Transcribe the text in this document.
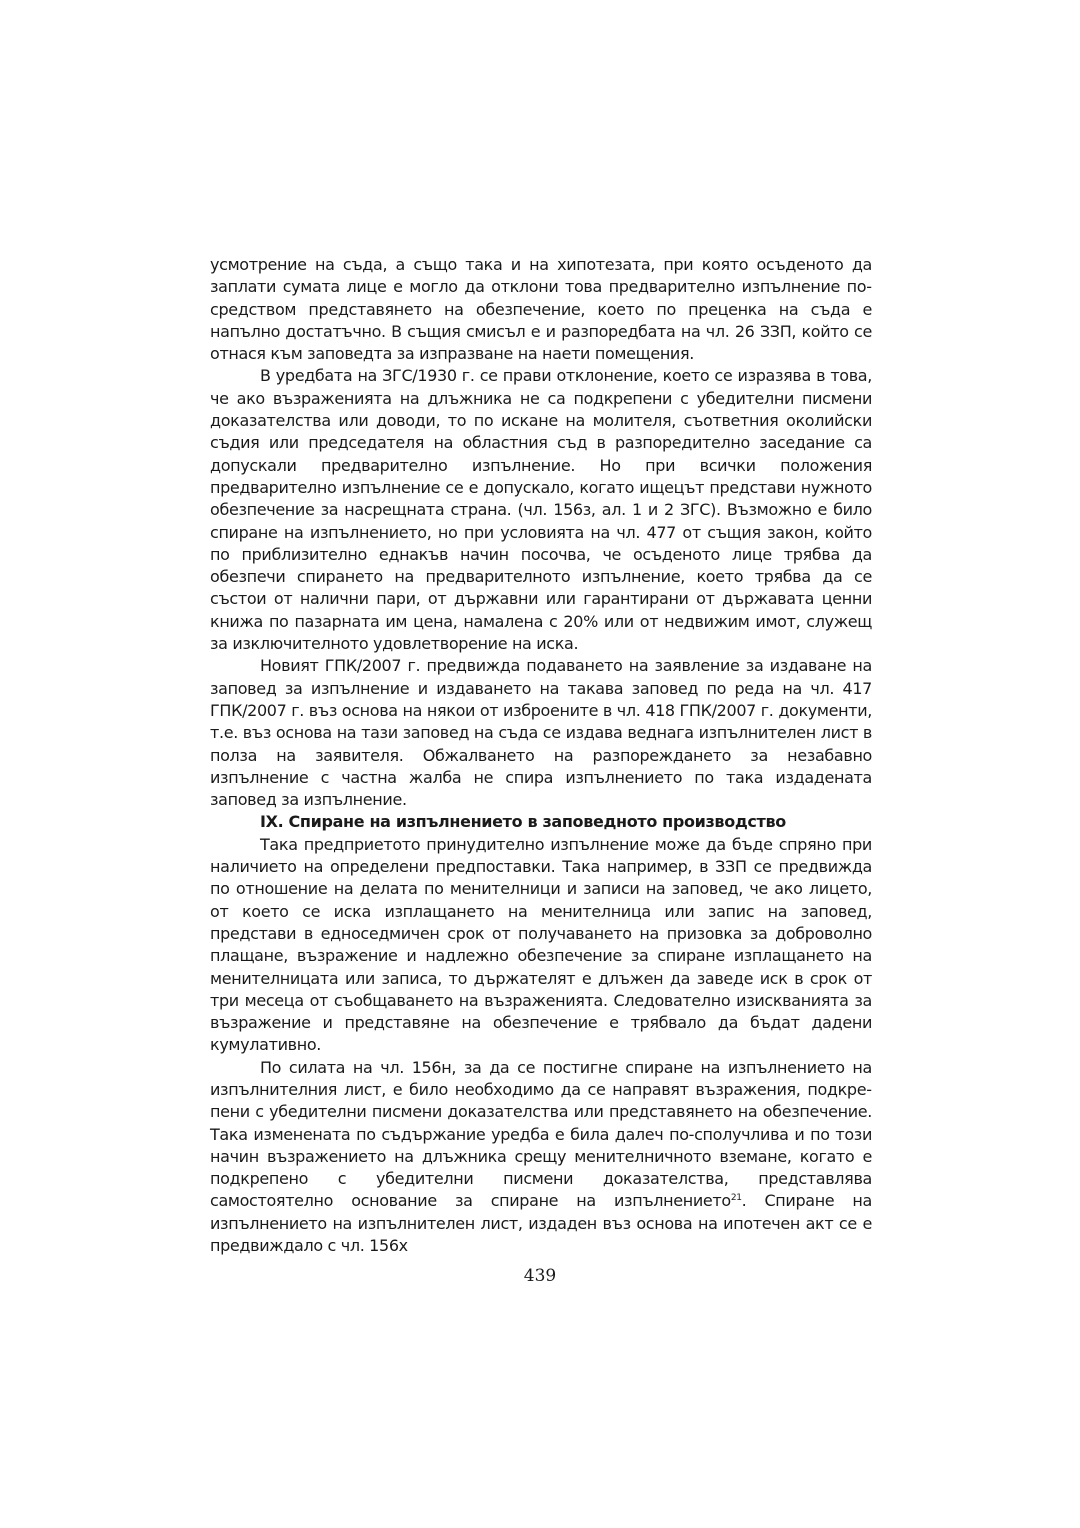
усмотрение на съда, а също така и на хипотезата, при която осъденото да заплати сумата лице е могло да отклони това предварително изпълнение посредством представянето на обезпечение, което по преценка на съда е напълно достатъчно. В същия смисъл е и разпоредбата на чл. 26 ЗЗП, който се отнася към заповедта за изпразване на наети помещения.

В уредбата на ЗГС/1930 г. се прави отклонение, което се изразява в това, че ако възраженията на длъжника не са подкрепени с убедителни писмени доказателства или доводи, то по искане на молителя, съответния околийски съдия или председателя на областния съд в разпоредително заседание са допускали предварително изпълнение. Но при всички положения предварително изпълнение се е допускало, когато ищецът представи нужното обезпечение за насрещната страна. (чл. 156з, ал. 1 и 2 ЗГС). Възможно е било спиране на изпълнението, но при условията на чл. 477 от същия закон, който по приблизително еднакъв начин посочва, че осъденото лице трябва да обезпечи спирането на предварителното изпълнение, което трябва да се състои от налични пари, от държавни или гарантирани от държавата ценни книжа по пазарната им цена, намалена с 20% или от недвижим имот, служещ за изключителното удовлетворение на иска.

Новият ГПК/2007 г. предвижда подаването на заявление за издаване на заповед за изпълнение и издаването на такава заповед по реда на чл. 417 ГПК/2007 г. въз основа на някои от изброените в чл. 418 ГПК/2007 г. документи, т.е. въз основа на тази заповед на съда се издава веднага изпълнителен лист в полза на заявителя. Обжалването на разпореждането за незабавно изпълнение с частна жалба не спира изпълнението по така издадената заповед за изпълнение.

IX. Спиране на изпълнението в заповедното производство

Така предприетото принудително изпълнение може да бъде спряно при наличието на определени предпоставки. Така например, в ЗЗП се предвижда по отношение на делата по менителници и записи на заповед, че ако лицето, от което се иска изплащането на менителница или запис на заповед, представи в едноседмичен срок от получаването на призовка за доброволно плащане, възражение и надлежно обезпечение за спиране изплащането на менителницата или записа, то държателят е длъжен да заведе иск в срок от три месеца от съобщаването на възраженията. Следователно изискванията за възражение и представяне на обезпечение е трябвало да бъдат дадени кумулативно.

По силата на чл. 156н, за да се постигне спиране на изпълнението на изпълнителния лист, е било необходимо да се направят възражения, подкрепени с убедителни писмени доказателства или представянето на обезпечение. Така изменената по съдържание уредба е била далеч по-сполучлива и по този начин възражението на длъжника срещу менителничното вземане, когато е подкрепено с убедителни писмени доказателства, представлява самостоятелно основание за спиране на изпълнението$^{21}$. Спиране на изпълнението на изпълнителен лист, издаден въз основа на ипотечен акт се е предвиждало с чл. 156х

439
